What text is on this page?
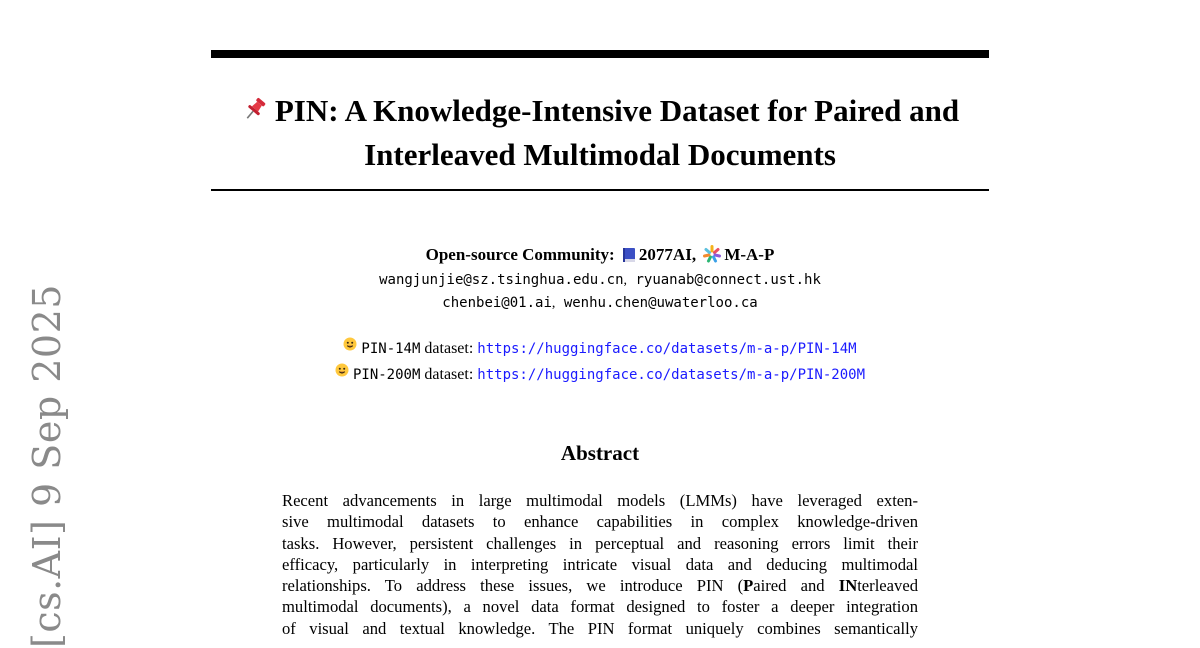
[cs.AI] 9 Sep 2025
PIN: A Knowledge-Intensive Dataset for Paired and
Interleaved Multimodal Documents
Open-source Community: 2077AI, M-A-P
wangjunjie@sz.tsinghua.edu.cn, ryuanab@connect.ust.hk
chenbei@01.ai, wenhu.chen@uwaterloo.ca
PIN-14M dataset: https://huggingface.co/datasets/m-a-p/PIN-14M
PIN-200M dataset: https://huggingface.co/datasets/m-a-p/PIN-200M
Abstract
Recent advancements in large multimodal models (LMMs) have leveraged exten-
sive multimodal datasets to enhance capabilities in complex knowledge-driven
tasks. However, persistent challenges in perceptual and reasoning errors limit their
efficacy, particularly in interpreting intricate visual data and deducing multimodal
relationships. To address these issues, we introduce PIN (Paired and INterleaved
multimodal documents), a novel data format designed to foster a deeper integration
of visual and textual knowledge. The PIN format uniquely combines semantically
